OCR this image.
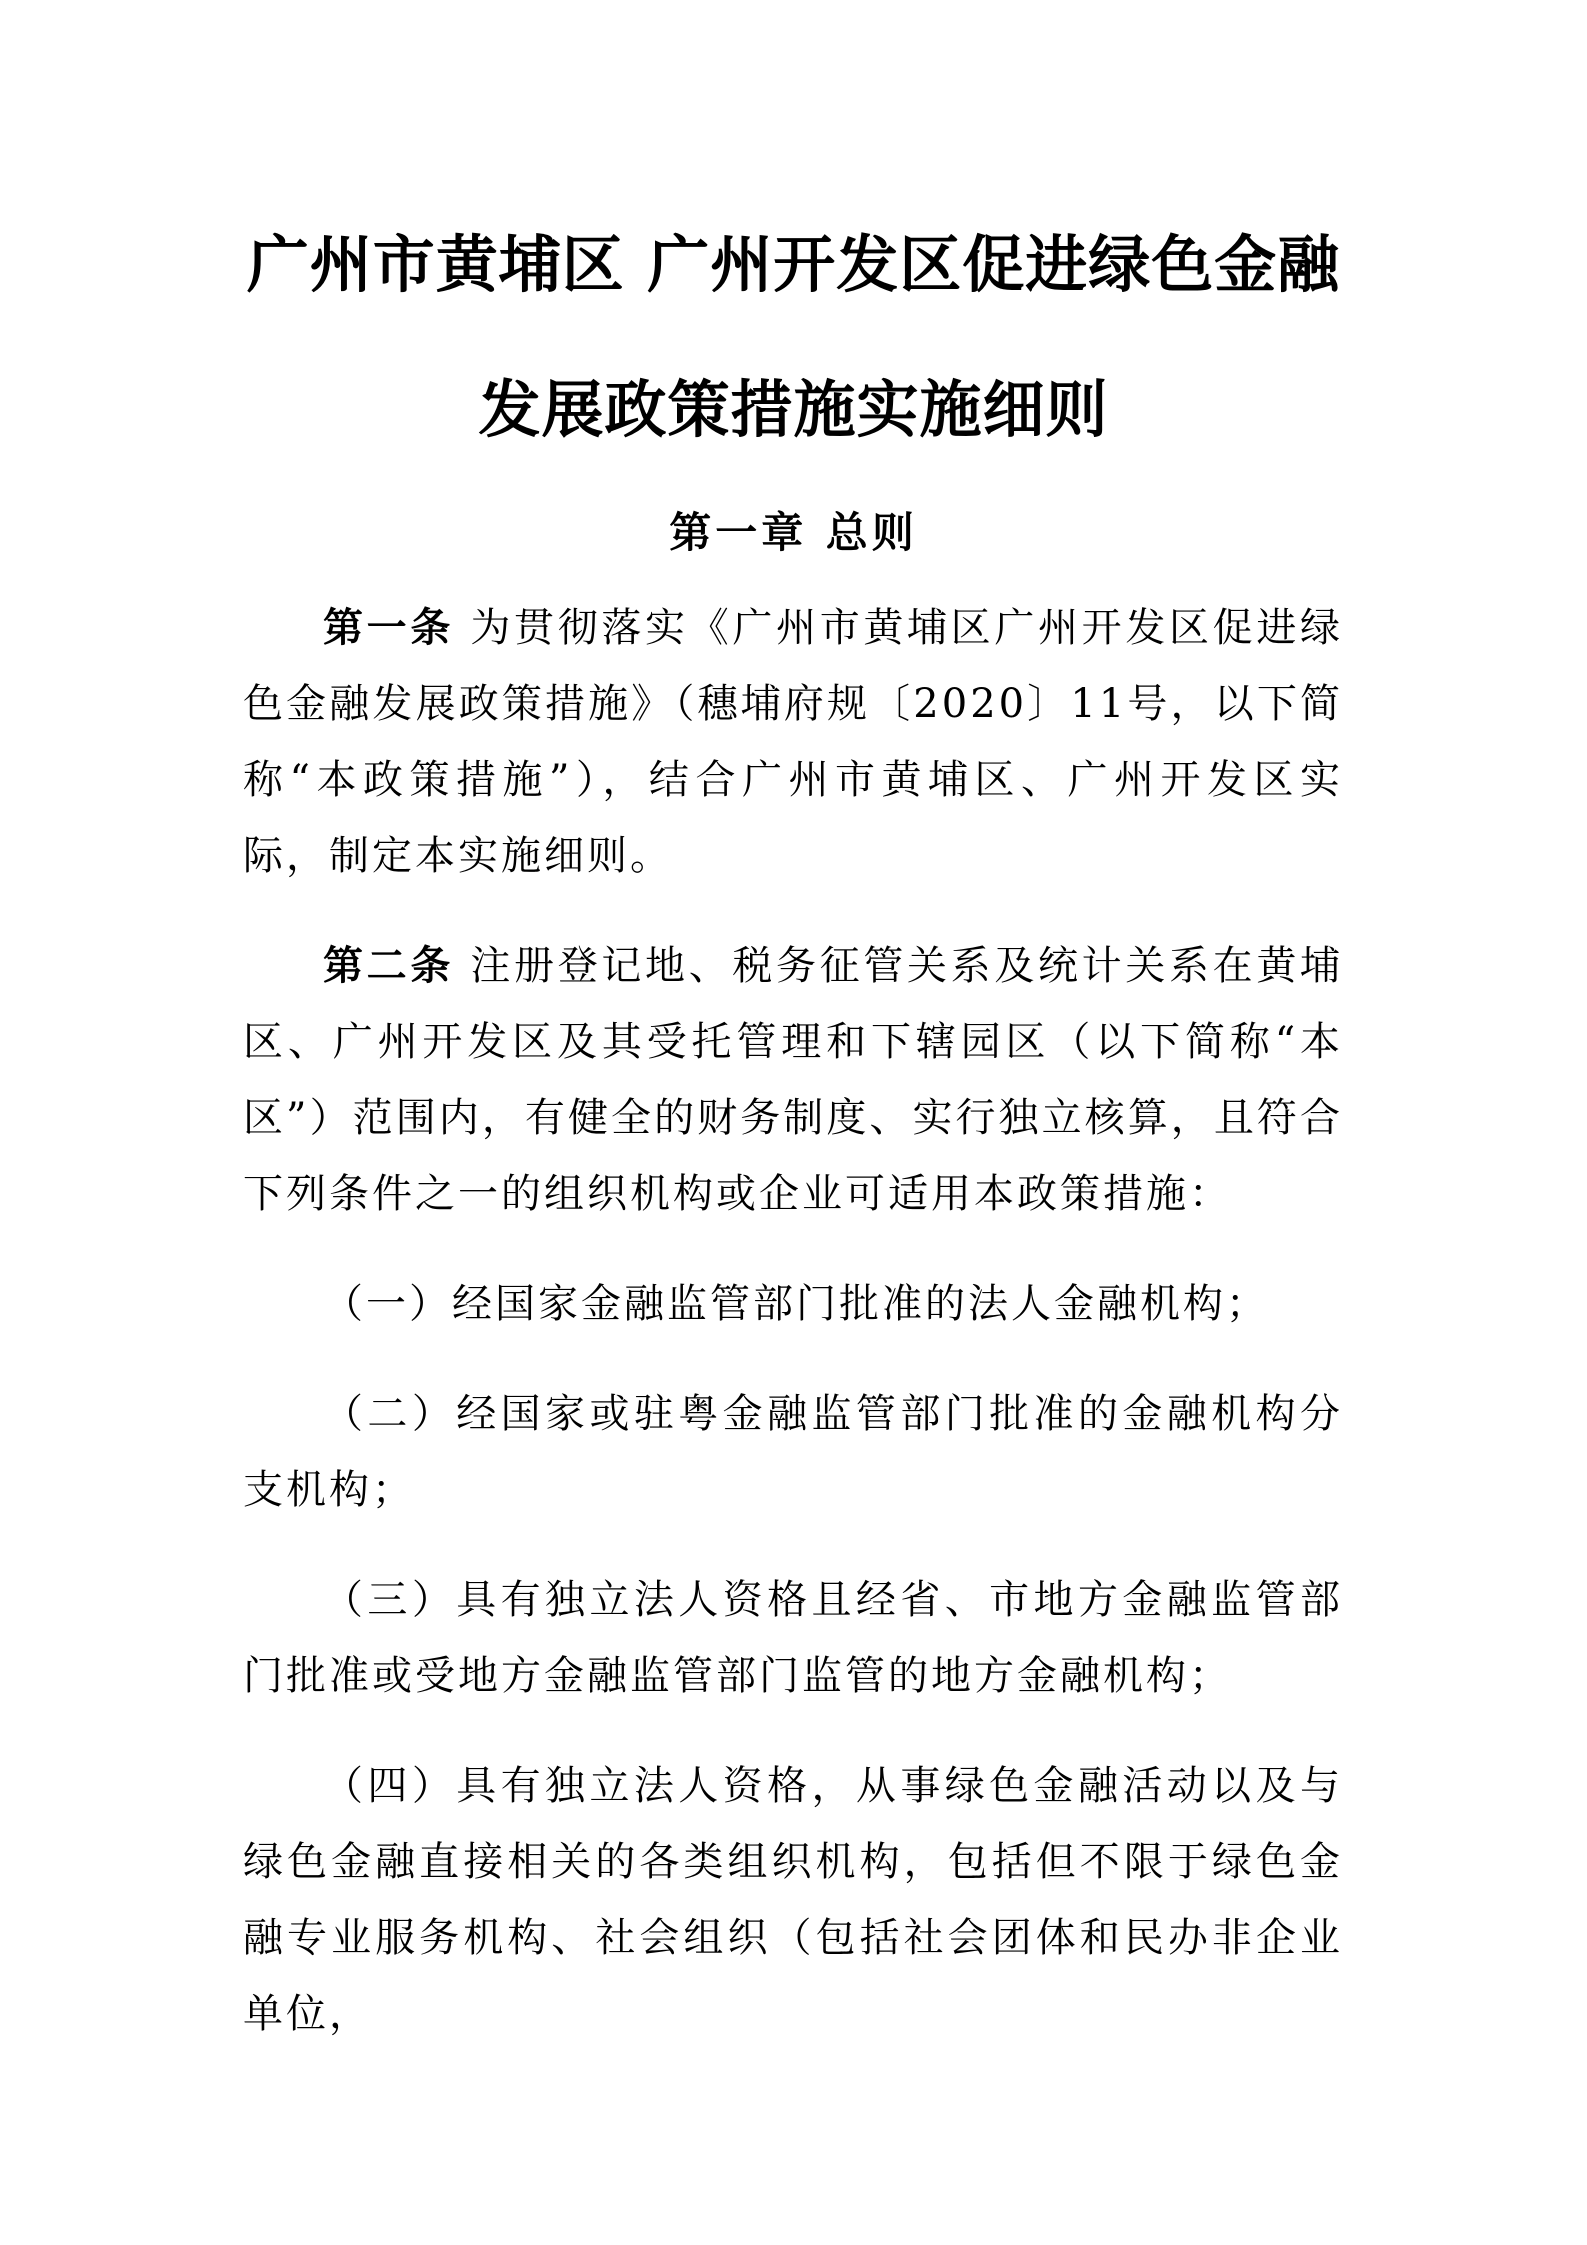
广州市黄埔区 广州开发区促进绿色金融
发展政策措施实施细则
第一章 总则

第一条 为贯彻落实《广州市黄埔区广州开发区促进绿色金融发展政策措施》（穗埔府规〔2020〕11号，以下简称“本政策措施”），结合广州市黄埔区、广州开发区实际，制定本实施细则。

第二条 注册登记地、税务征管关系及统计关系在黄埔区、广州开发区及其受托管理和下辖园区（以下简称“本区”）范围内，有健全的财务制度、实行独立核算，且符合下列条件之一的组织机构或企业可适用本政策措施：

（一）经国家金融监管部门批准的法人金融机构；

（二）经国家或驻粤金融监管部门批准的金融机构分支机构；

（三）具有独立法人资格且经省、市地方金融监管部门批准或受地方金融监管部门监管的地方金融机构；

（四）具有独立法人资格，从事绿色金融活动以及与绿色金融直接相关的各类组织机构，包括但不限于绿色金融专业服务机构、社会组织（包括社会团体和民办非企业单位，
